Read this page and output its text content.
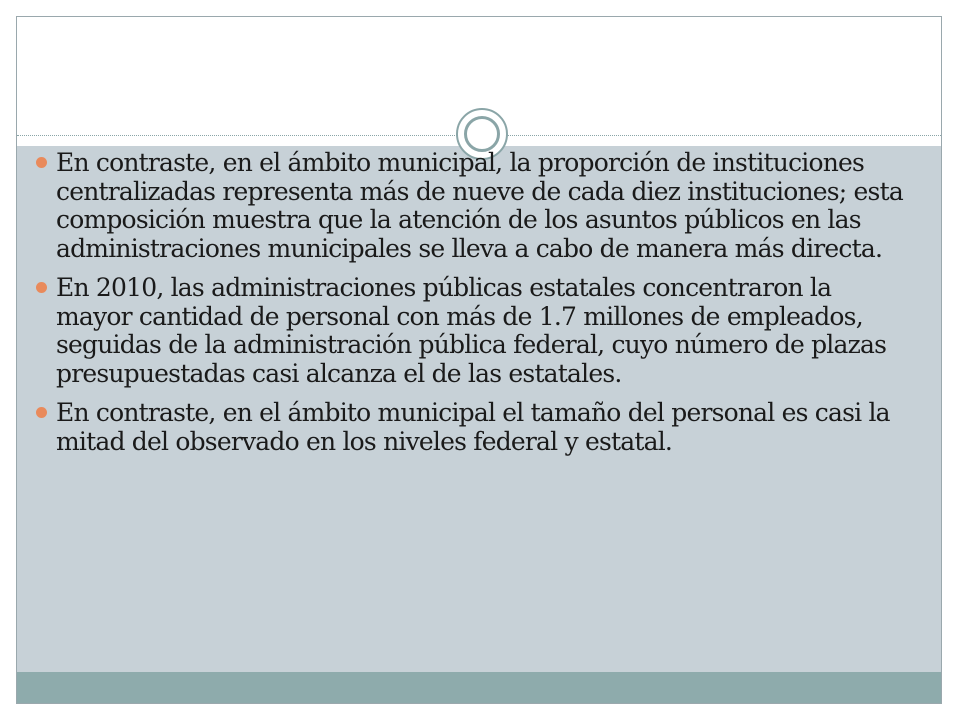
En contraste, en el ámbito municipal, la proporción de instituciones centralizadas representa más de nueve de cada diez instituciones; esta composición muestra que la atención de los asuntos públicos en las administraciones municipales se lleva a cabo de manera más directa.
En 2010, las administraciones públicas estatales concentraron la mayor cantidad de personal con más de 1.7 millones de empleados, seguidas de la administración pública federal, cuyo número de plazas presupuestadas casi alcanza el de las estatales.
En contraste, en el ámbito municipal el tamaño del personal es casi la mitad del observado en los niveles federal y estatal.
